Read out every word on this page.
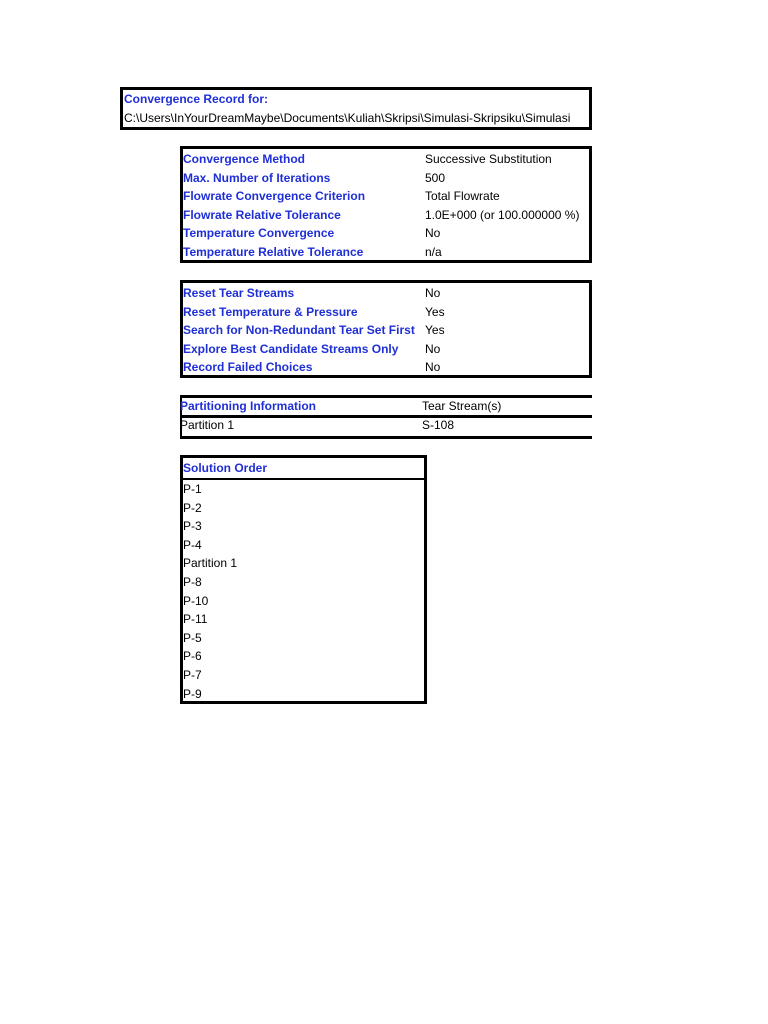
Convergence Record for:
C:\Users\InYourDreamMaybe\Documents\Kuliah\Skripsi\Simulasi-Skripsiku\Simulasi
Convergence Method	Successive Substitution
Max. Number of Iterations	500
Flowrate Convergence Criterion	Total Flowrate
Flowrate Relative Tolerance	1.0E+000 (or 100.000000 %)
Temperature Convergence	No
Temperature Relative Tolerance	n/a
Reset Tear Streams	No
Reset Temperature & Pressure	Yes
Search for Non-Redundant Tear Set First Yes
Explore Best Candidate Streams Only No
Record Failed Choices	No
Partitioning Information	Tear Stream(s)
Partition 1	S-108
Solution Order
P-1
P-2
P-3
P-4
Partition 1
P-8
P-10
P-11
P-5
P-6
P-7
P-9
